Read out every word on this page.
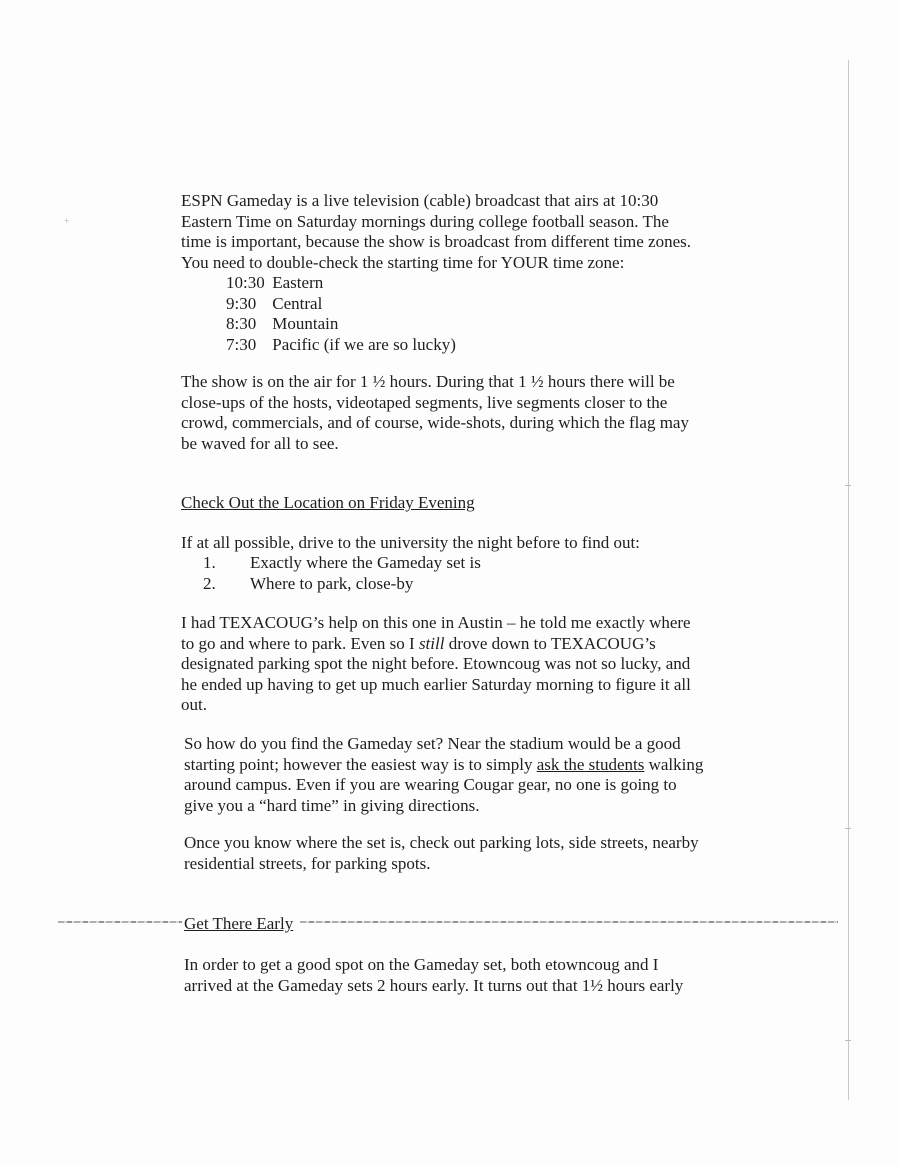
+

ESPN Gameday is a live television (cable) broadcast that airs at 10:30

Eastern Time on Saturday mornings during college football season. The

time is important, because the show is broadcast from different time zones.

You need to double-check the starting time for YOUR time zone:

10:30 Eastern
9:30 Central
8:30 Mountain
7:30 Pacific (if we are so lucky)

The show is on the air for 1 ½ hours. During that 1 ½ hours there will be

close-ups of the hosts, videotaped segments, live segments closer to the

crowd, commercials, and of course, wide-shots, during which the flag may

be waved for all to see.

Check Out the Location on Friday Evening

If at all possible, drive to the university the night before to find out:

1. Exactly where the Gameday set is
2. Where to park, close-by

I had TEXACOUG’s help on this one in Austin – he told me exactly where

to go and where to park. Even so I still drove down to TEXACOUG’s

designated parking spot the night before. Etowncoug was not so lucky, and

he ended up having to get up much earlier Saturday morning to figure it all

out.

So how do you find the Gameday set? Near the stadium would be a good

starting point; however the easiest way is to simply ask the students walking

around campus. Even if you are wearing Cougar gear, no one is going to

give you a “hard time” in giving directions.

Once you know where the set is, check out parking lots, side streets, nearby

residential streets, for parking spots.

Get There Early

In order to get a good spot on the Gameday set, both etowncoug and I

arrived at the Gameday sets 2 hours early. It turns out that 1½ hours early
